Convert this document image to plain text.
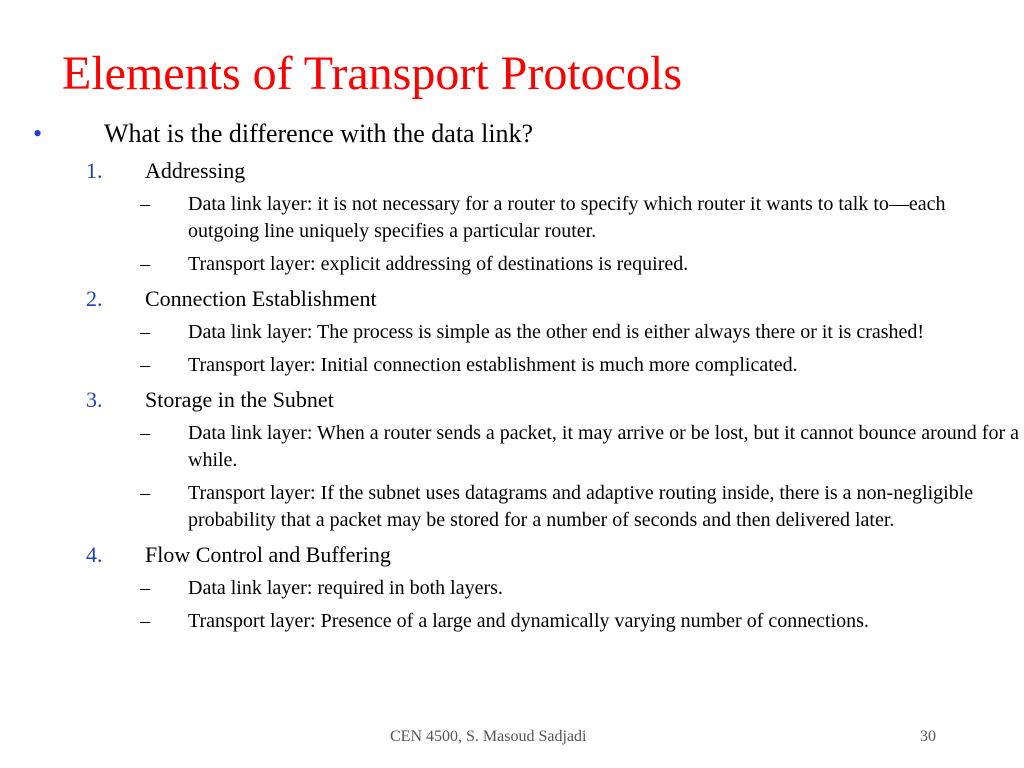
Elements of Transport Protocols
• What is the difference with the data link?
1. Addressing
– Data link layer: it is not necessary for a router to specify which router it wants to talk to—each outgoing line uniquely specifies a particular router.
– Transport layer: explicit addressing of destinations is required.
2. Connection Establishment
– Data link layer: The process is simple as the other end is either always there or it is crashed!
– Transport layer: Initial connection establishment is much more complicated.
3. Storage in the Subnet
– Data link layer: When a router sends a packet, it may arrive or be lost, but it cannot bounce around for a while.
– Transport layer: If the subnet uses datagrams and adaptive routing inside, there is a non-negligible probability that a packet may be stored for a number of seconds and then delivered later.
4. Flow Control and Buffering
– Data link layer: required in both layers.
– Transport layer: Presence of a large and dynamically varying number of connections.
CEN 4500, S. Masoud Sadjadi	30
